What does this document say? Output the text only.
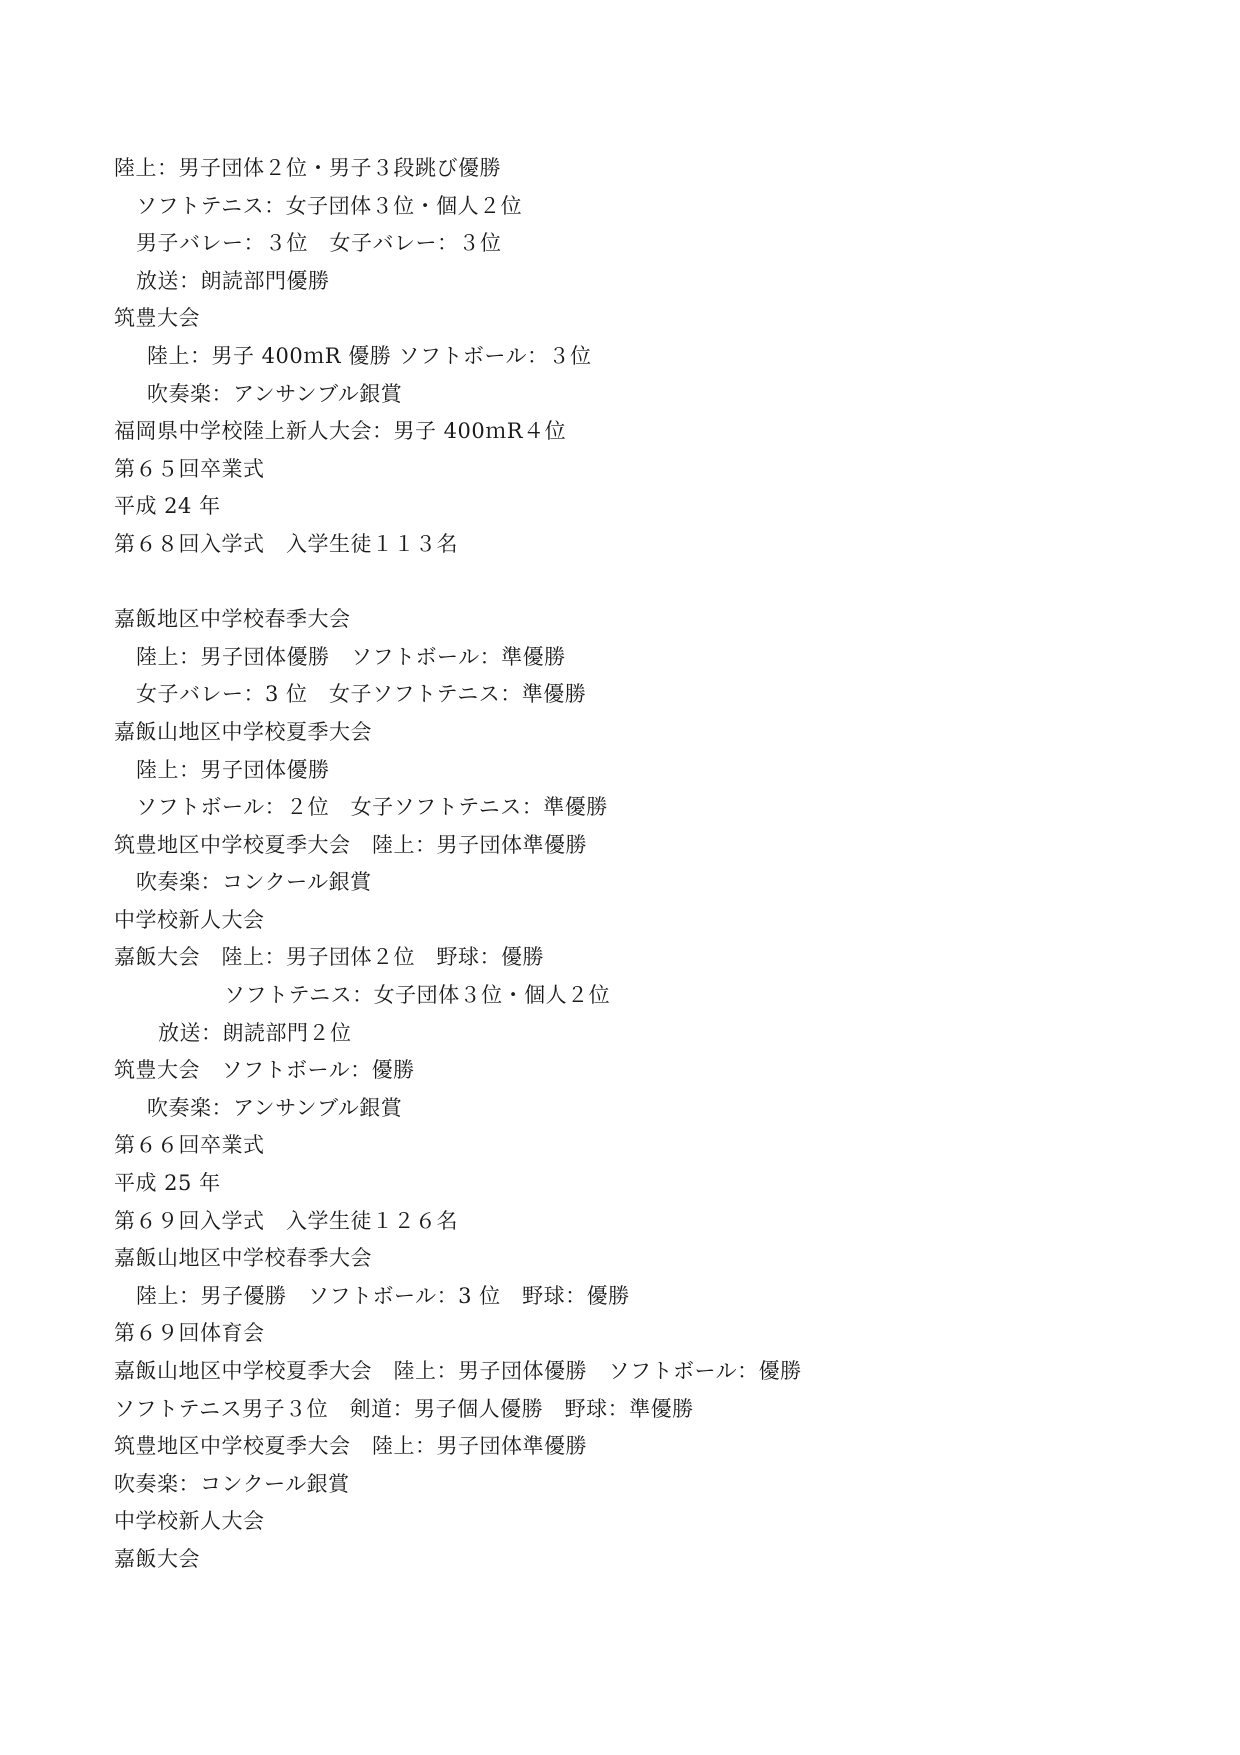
陸上：男子団体２位・男子３段跳び優勝
ソフトテニス：女子団体３位・個人２位
男子バレー：３位　女子バレー：３位
放送：朗読部門優勝
筑豊大会
陸上：男子 400ｍR 優勝 ソフトボール：３位
吹奏楽：アンサンブル銀賞
福岡県中学校陸上新人大会：男子 400ｍR４位
第６５回卒業式
平成 24 年
第６８回入学式　入学生徒１１３名
嘉飯地区中学校春季大会
陸上：男子団体優勝　ソフトボール：準優勝
女子バレー：3 位　女子ソフトテニス：準優勝
嘉飯山地区中学校夏季大会
陸上：男子団体優勝
ソフトボール：２位　女子ソフトテニス：準優勝
筑豊地区中学校夏季大会　陸上：男子団体準優勝
吹奏楽：コンクール銀賞
中学校新人大会
嘉飯大会　陸上：男子団体２位　野球：優勝
ソフトテニス：女子団体３位・個人２位
放送：朗読部門２位
筑豊大会　ソフトボール：優勝
吹奏楽：アンサンブル銀賞
第６６回卒業式
平成 25 年
第６９回入学式　入学生徒１２６名
嘉飯山地区中学校春季大会
陸上：男子優勝　ソフトボール：3 位　野球：優勝
第６９回体育会
嘉飯山地区中学校夏季大会　陸上：男子団体優勝　ソフトボール：優勝
ソフトテニス男子３位　剣道：男子個人優勝　野球：準優勝
筑豊地区中学校夏季大会　陸上：男子団体準優勝
吹奏楽：コンクール銀賞
中学校新人大会
嘉飯大会
